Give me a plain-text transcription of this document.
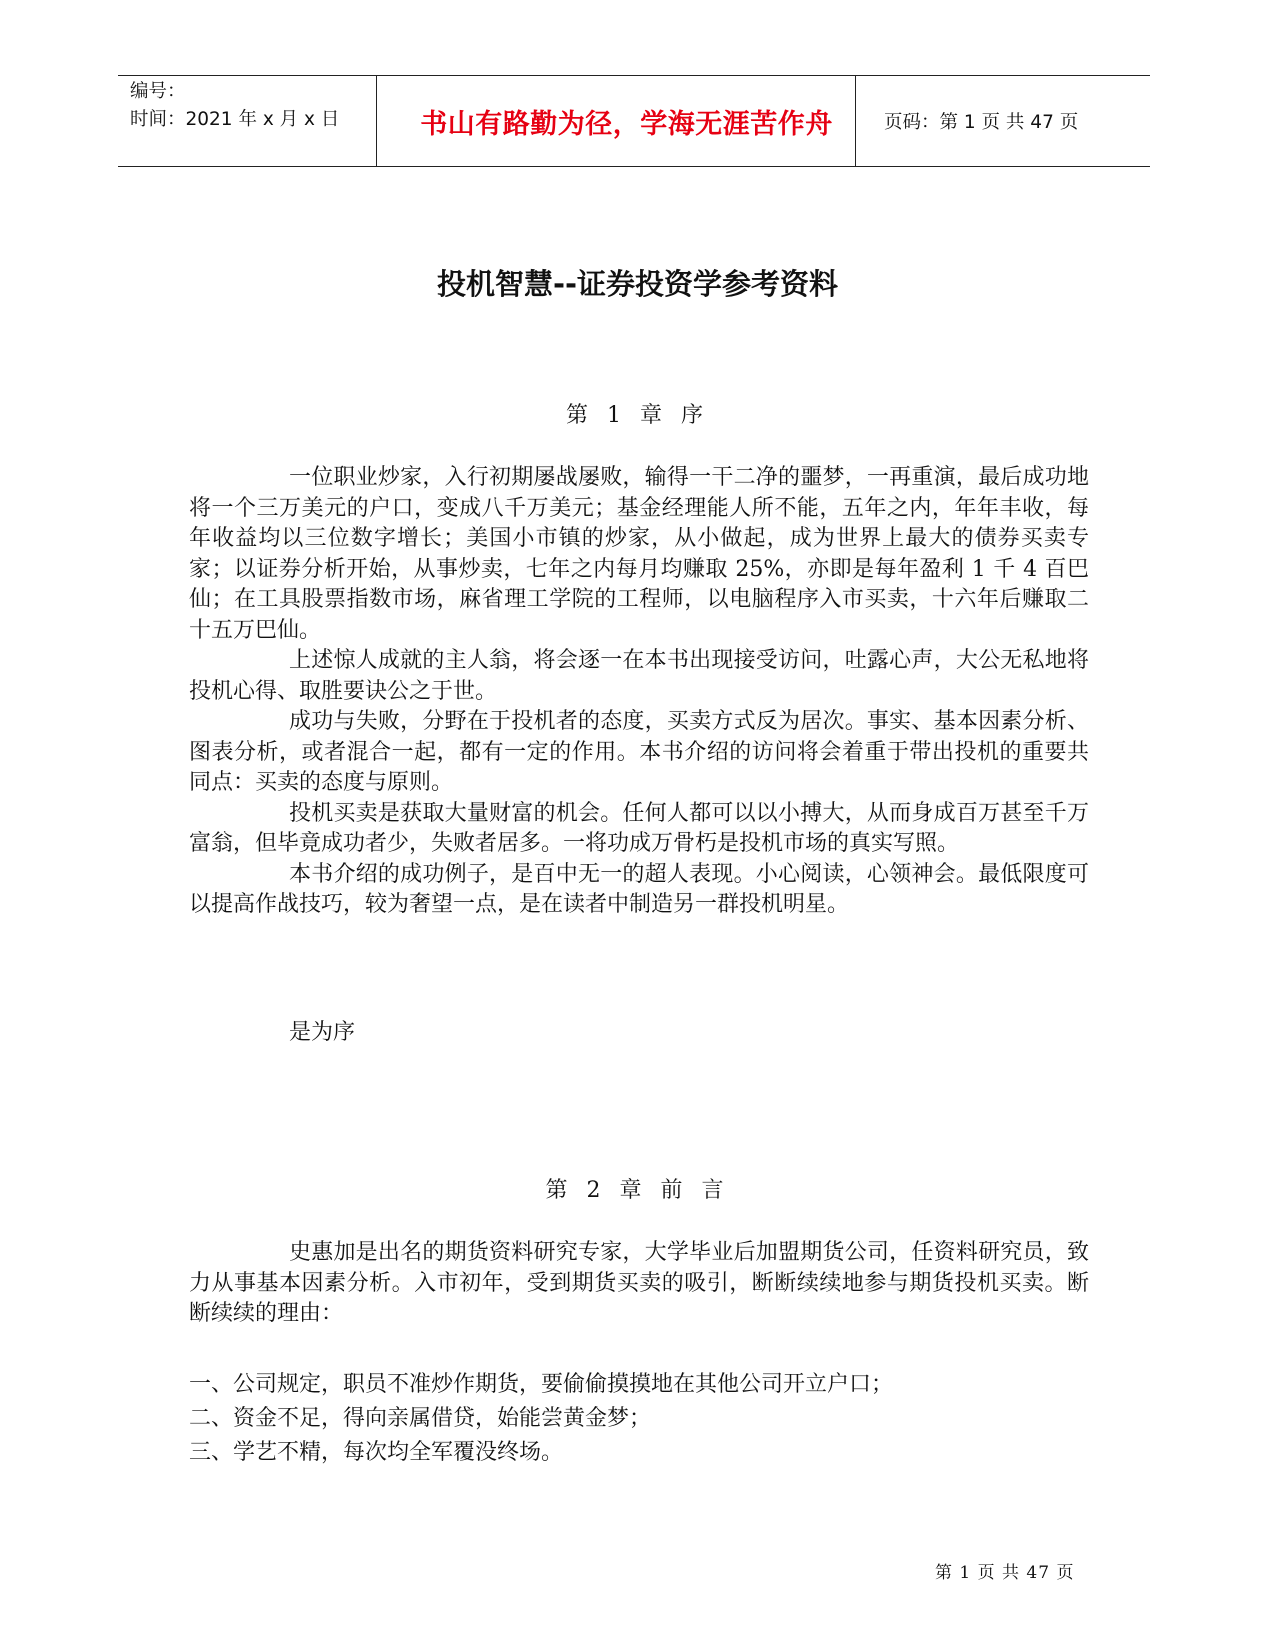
编号：
时间：2021 年 x 月 x 日	书山有路勤为径，学海无涯苦作舟	页码：第 1 页 共 47 页
投机智慧--证券投资学参考资料
第 1 章 序

一位职业炒家，入行初期屡战屡败，输得一干二净的噩梦，一再重演，最后成功地将一个三万美元的户口，变成八千万美元；基金经理能人所不能，五年之内，年年丰收，每年收益均以三位数字增长；美国小市镇的炒家，从小做起，成为世界上最大的债券买卖专家；以证券分析开始，从事炒卖，七年之内每月均赚取 25%，亦即是每年盈利 1 千 4 百巴仙；在工具股票指数市场，麻省理工学院的工程师，以电脑程序入市买卖，十六年后赚取二十五万巴仙。

上述惊人成就的主人翁，将会逐一在本书出现接受访问，吐露心声，大公无私地将投机心得、取胜要诀公之于世。

成功与失败，分野在于投机者的态度，买卖方式反为居次。事实、基本因素分析、图表分析，或者混合一起，都有一定的作用。本书介绍的访问将会着重于带出投机的重要共同点：买卖的态度与原则。

投机买卖是获取大量财富的机会。任何人都可以以小搏大，从而身成百万甚至千万富翁，但毕竟成功者少，失败者居多。一将功成万骨朽是投机市场的真实写照。

本书介绍的成功例子，是百中无一的超人表现。小心阅读，心领神会。最低限度可以提高作战技巧，较为奢望一点，是在读者中制造另一群投机明星。

是为序

第 2 章 前 言

史惠加是出名的期货资料研究专家，大学毕业后加盟期货公司，任资料研究员，致力从事基本因素分析。入市初年，受到期货买卖的吸引，断断续续地参与期货投机买卖。断断续续的理由：

一、公司规定，职员不准炒作期货，要偷偷摸摸地在其他公司开立户口；
二、资金不足，得向亲属借贷，始能尝黄金梦；
三、学艺不精，每次均全军覆没终场。
第 1 页 共 47 页
